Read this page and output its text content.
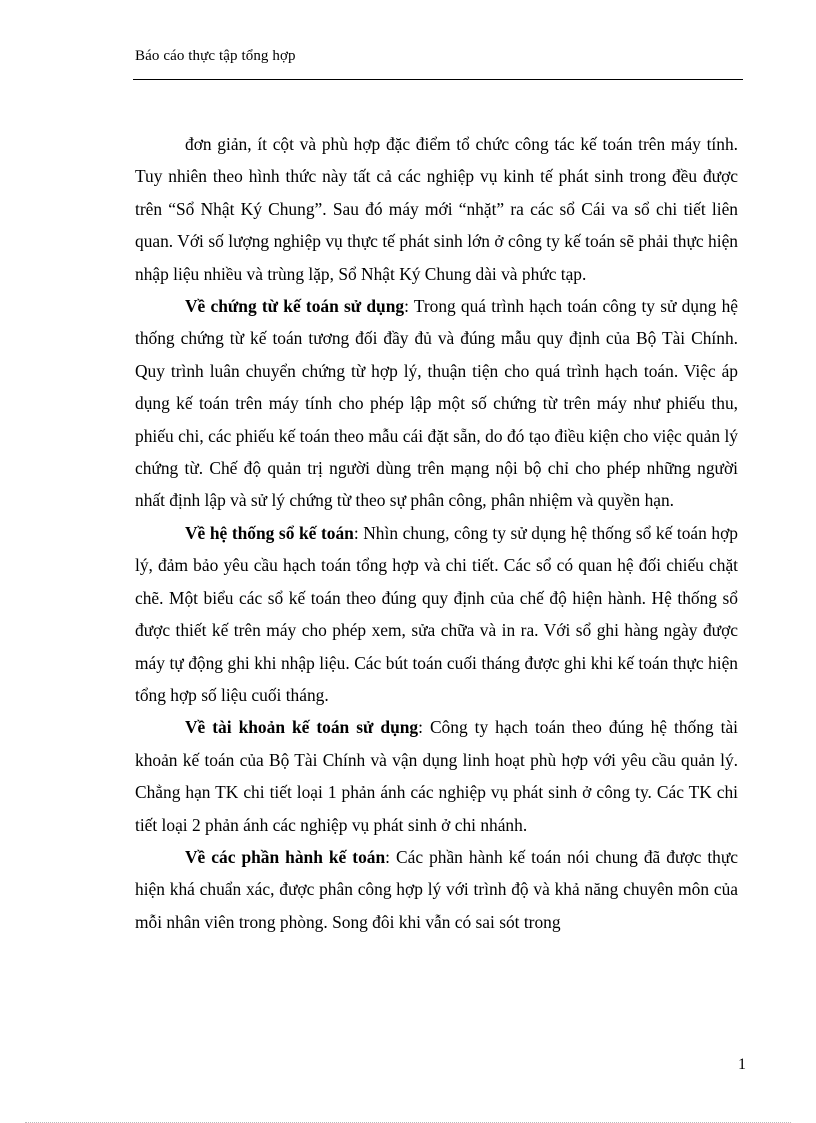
Báo cáo thực tập tổng hợp

đơn giản, ít cột và phù hợp đặc điểm tổ chức công tác kế toán trên máy tính. Tuy nhiên theo hình thức này tất cả các nghiệp vụ kinh tế phát sinh trong đều được trên “Sổ Nhật Ký Chung”. Sau đó máy mới “nhặt” ra các sổ Cái va sổ chi tiết liên quan. Với số lượng nghiệp vụ thực tế phát sinh lớn ở công ty kế toán sẽ phải thực hiện nhập liệu nhiều và trùng lặp, Sổ Nhật Ký Chung dài và phức tạp.

Về chứng từ kế toán sử dụng: Trong quá trình hạch toán công ty sử dụng hệ thống chứng từ kế toán tương đối đầy đủ và đúng mẫu quy định của Bộ Tài Chính. Quy trình luân chuyển chứng từ hợp lý, thuận tiện cho quá trình hạch toán. Việc áp dụng kế toán trên máy tính cho phép lập một số chứng từ trên máy như phiếu thu, phiếu chi, các phiếu kế toán theo mẫu cái đặt sẵn, do đó tạo điều kiện cho việc quản lý chứng từ. Chế độ quản trị người dùng trên mạng nội bộ chỉ cho phép những người nhất định lập và sử lý chứng từ theo sự phân công, phân nhiệm và quyền hạn.

Về hệ thống sổ kế toán: Nhìn chung, công ty sử dụng hệ thống sổ kế toán hợp lý, đảm bảo yêu cầu hạch toán tổng hợp và chi tiết. Các sổ có quan hệ đối chiếu chặt chẽ. Một biểu các sổ kế toán theo đúng quy định của chế độ hiện hành. Hệ thống sổ được thiết kế trên máy cho phép xem, sửa chữa và in ra. Với sổ ghi hàng ngày được máy tự động ghi khi nhập liệu. Các bút toán cuối tháng được ghi khi kế toán thực hiện tổng hợp số liệu cuối tháng.

Về tài khoản kế toán sử dụng: Công ty hạch toán theo đúng hệ thống tài khoản kế toán của Bộ Tài Chính và vận dụng linh hoạt phù hợp với yêu cầu quản lý. Chẳng hạn TK chi tiết loại 1 phản ánh các nghiệp vụ phát sinh ở công ty. Các TK chi tiết loại 2 phản ánh các nghiệp vụ phát sinh ở chi nhánh.

Về các phần hành kế toán: Các phần hành kế toán nói chung đã được thực hiện khá chuẩn xác, được phân công hợp lý với trình độ và khả năng chuyên môn của mỗi nhân viên trong phòng. Song đôi khi vẫn có sai sót trong

1
